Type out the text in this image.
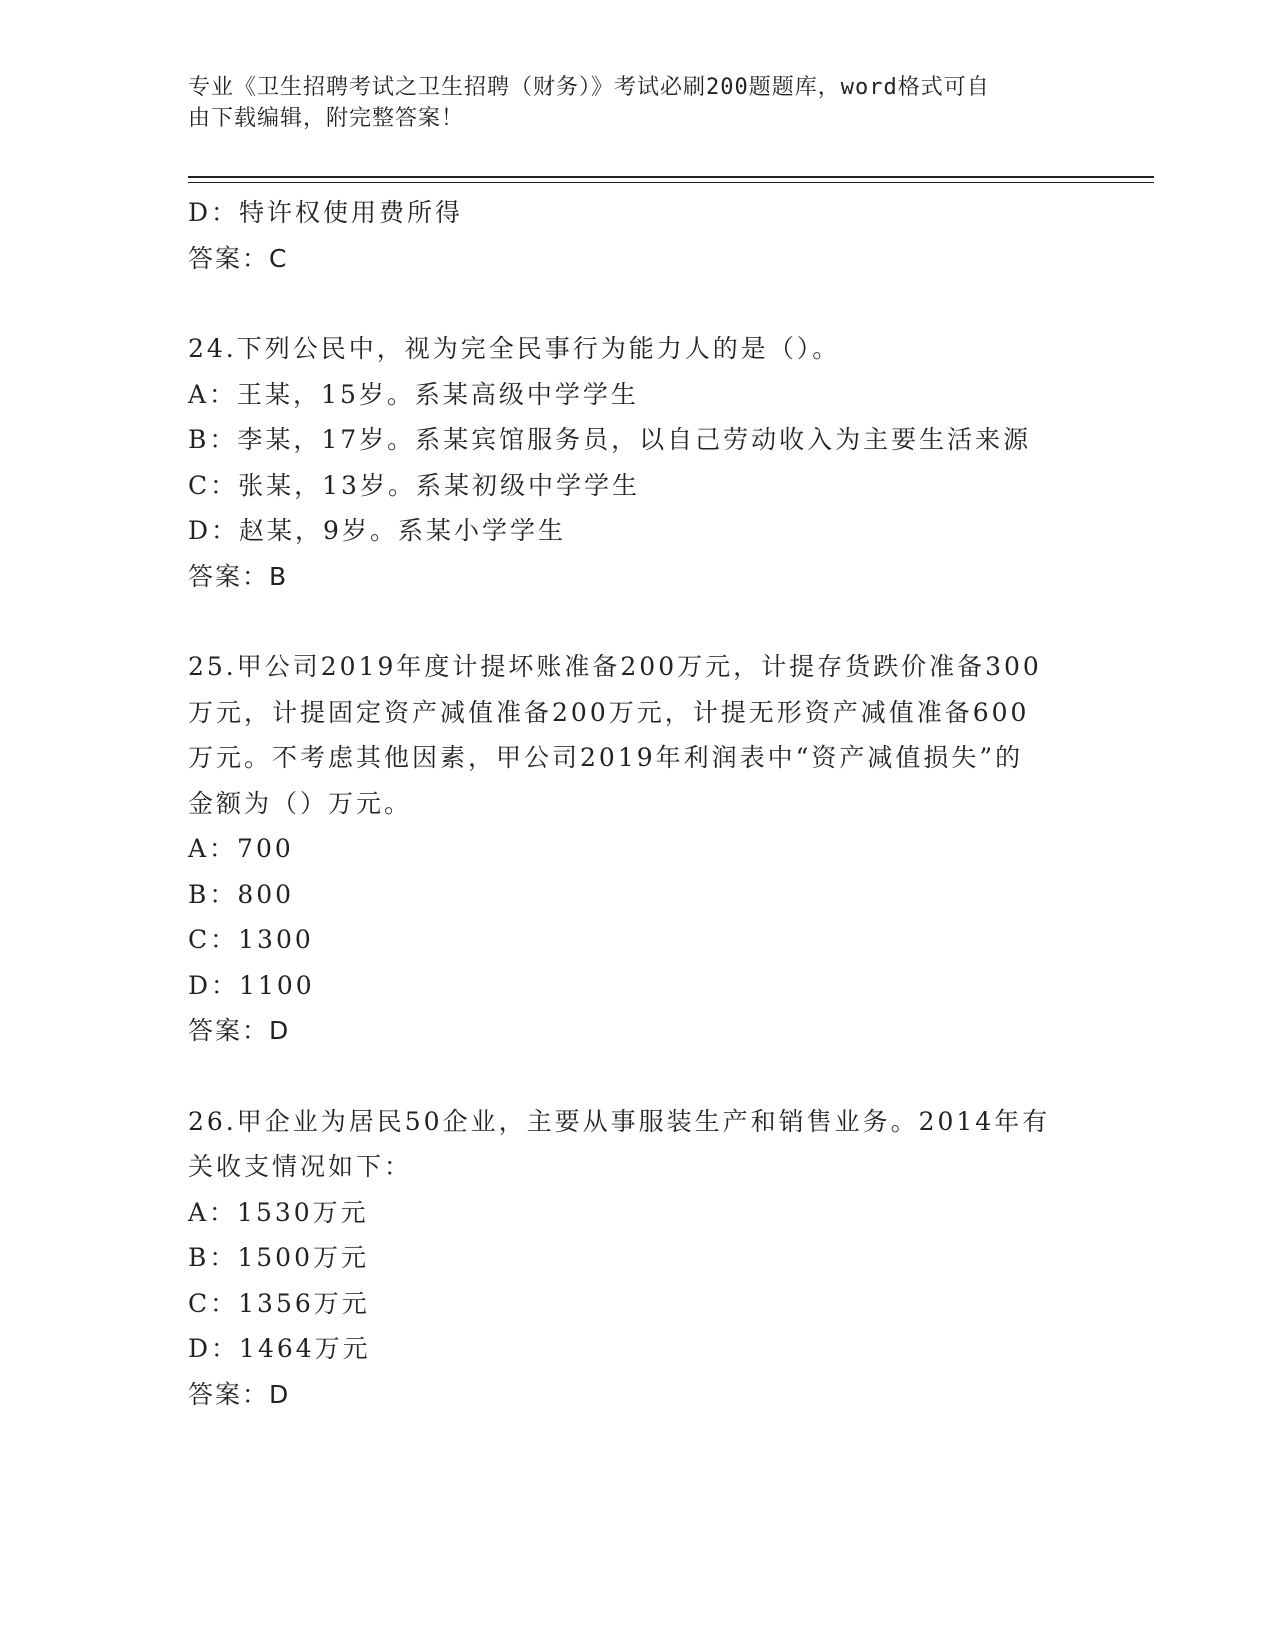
专业《卫生招聘考试之卫生招聘（财务）》考试必刷200题题库，word格式可自
由下载编辑，附完整答案！
D：特许权使用费所得
答案：C
24.下列公民中，视为完全民事行为能力人的是（）。
A：王某，15岁。系某高级中学学生
B：李某，17岁。系某宾馆服务员，以自己劳动收入为主要生活来源
C：张某，13岁。系某初级中学学生
D：赵某，9岁。系某小学学生
答案：B
25.甲公司2019年度计提坏账准备200万元，计提存货跌价准备300
万元，计提固定资产减值准备200万元，计提无形资产减值准备600
万元。不考虑其他因素，甲公司2019年利润表中“资产减值损失”的
金额为（）万元。
A：700
B：800
C：1300
D：1100
答案：D
26.甲企业为居民50企业，主要从事服装生产和销售业务。2014年有
关收支情况如下：
A：1530万元
B：1500万元
C：1356万元
D：1464万元
答案：D
